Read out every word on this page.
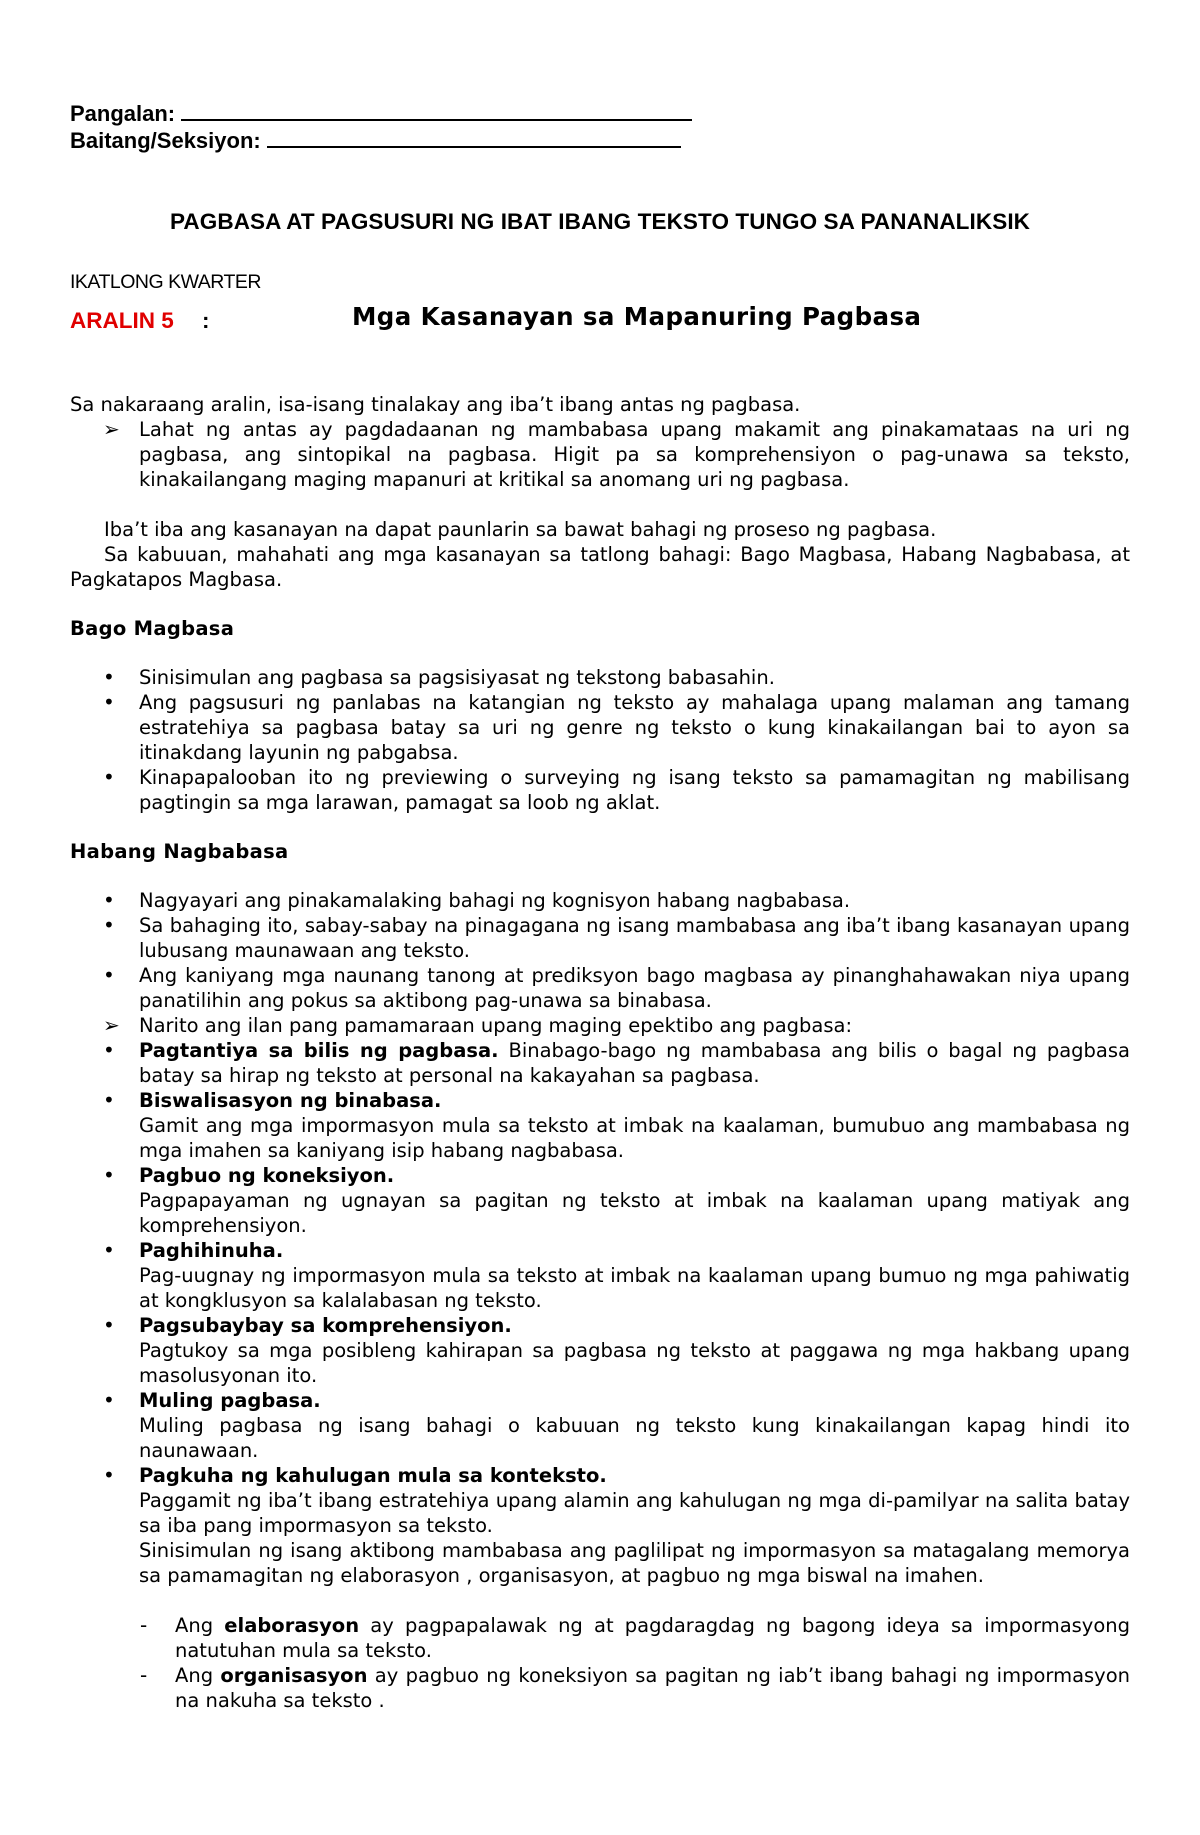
Pangalan:
Baitang/Seksiyon:
PAGBASA AT PAGSUSURI NG IBAT IBANG TEKSTO TUNGO SA PANANALIKSIK
IKATLONG KWARTER
ARALIN 5 :	Mga Kasanayan sa Mapanuring Pagbasa

Sa nakaraang aralin, isa-isang tinalakay ang iba’t ibang antas ng pagbasa.

➢ Lahat ng antas ay pagdadaanan ng mambabasa upang makamit ang pinakamataas na uri ng pagbasa, ang sintopikal na pagbasa. Higit pa sa komprehensiyon o pag-unawa sa teksto, kinakailangang maging mapanuri at kritikal sa anomang uri ng pagbasa.

Iba’t iba ang kasanayan na dapat paunlarin sa bawat bahagi ng proseso ng pagbasa.

Sa kabuuan, mahahati ang mga kasanayan sa tatlong bahagi: Bago Magbasa, Habang Nagbabasa, at Pagkatapos Magbasa.

Bago Magbasa
• Sinisimulan ang pagbasa sa pagsisiyasat ng tekstong babasahin.

• Ang pagsusuri ng panlabas na katangian ng teksto ay mahalaga upang malaman ang tamang estratehiya sa pagbasa batay sa uri ng genre ng teksto o kung kinakailangan bai to ayon sa itinakdang layunin ng pabgabsa.

• Kinapapalooban ito ng previewing o surveying ng isang teksto sa pamamagitan ng mabilisang pagtingin sa mga larawan, pamagat sa loob ng aklat.

Habang Nagbabasa
• Nagyayari ang pinakamalaking bahagi ng kognisyon habang nagbabasa.

• Sa bahaging ito, sabay-sabay na pinagagana ng isang mambabasa ang iba’t ibang kasanayan upang lubusang maunawaan ang teksto.

• Ang kaniyang mga naunang tanong at prediksyon bago magbasa ay pinanghahawakan niya upang panatilihin ang pokus sa aktibong pag-unawa sa binabasa.

➢ Narito ang ilan pang pamamaraan upang maging epektibo ang pagbasa:

• Pagtantiya sa bilis ng pagbasa. Binabago-bago ng mambabasa ang bilis o bagal ng pagbasa batay sa hirap ng teksto at personal na kakayahan sa pagbasa.

• Biswalisasyon ng binabasa.

Gamit ang mga impormasyon mula sa teksto at imbak na kaalaman, bumubuo ang mambabasa ng mga imahen sa kaniyang isip habang nagbabasa.

• Pagbuo ng koneksiyon.

Pagpapayaman ng ugnayan sa pagitan ng teksto at imbak na kaalaman upang matiyak ang komprehensiyon.

• Paghihinuha.

Pag-uugnay ng impormasyon mula sa teksto at imbak na kaalaman upang bumuo ng mga pahiwatig at kongklusyon sa kalalabasan ng teksto.

• Pagsubaybay sa komprehensiyon.

Pagtukoy sa mga posibleng kahirapan sa pagbasa ng teksto at paggawa ng mga hakbang upang masolusyonan ito.

• Muling pagbasa.

Muling pagbasa ng isang bahagi o kabuuan ng teksto kung kinakailangan kapag hindi ito naunawaan.

• Pagkuha ng kahulugan mula sa konteksto.

Paggamit ng iba’t ibang estratehiya upang alamin ang kahulugan ng mga di-pamilyar na salita batay sa iba pang impormasyon sa teksto.

Sinisimulan ng isang aktibong mambabasa ang paglilipat ng impormasyon sa matagalang memorya sa pamamagitan ng elaborasyon , organisasyon, at pagbuo ng mga biswal na imahen.

- Ang elaborasyon ay pagpapalawak ng at pagdaragdag ng bagong ideya sa impormasyong natutuhan mula sa teksto.

- Ang organisasyon ay pagbuo ng koneksiyon sa pagitan ng iab’t ibang bahagi ng impormasyon na nakuha sa teksto .
